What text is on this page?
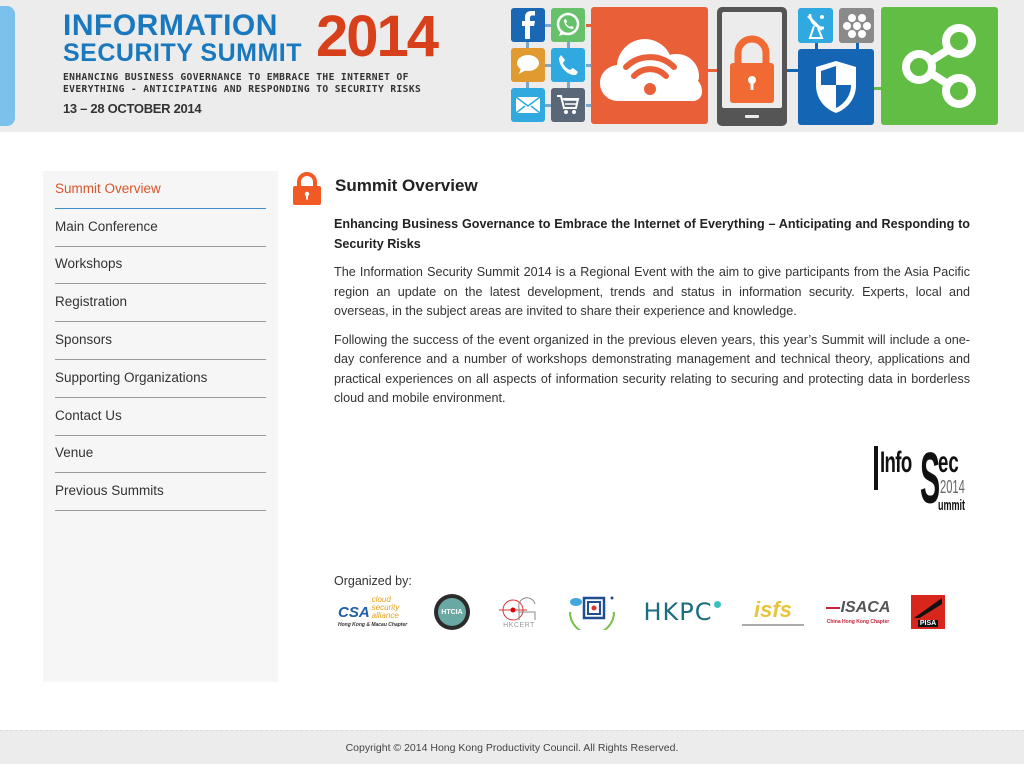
INFORMATION
SECURITY SUMMIT 2014
ENHANCING BUSINESS GOVERNANCE TO EMBRACE THE INTERNET OF
EVERYTHING - ANTICIPATING AND RESPONDING TO SECURITY RISKS
13 – 28 OCTOBER 2014
Summit Overview
Main Conference
Workshops
Registration
Sponsors
Supporting Organizations
Contact Us
Venue
Previous Summits
Summit Overview

Enhancing Business Governance to Embrace the Internet of Everything – Anticipating and Responding to Security Risks

The Information Security Summit 2014 is a Regional Event with the aim to give participants from the Asia Pacific region an update on the latest development, trends and status in information security. Experts, local and overseas, in the subject areas are invited to share their experience and knowledge.

Following the success of the event organized in the previous eleven years, this year’s Summit will include a one-day conference and a number of workshops demonstrating management and technical theory, applications and practical experiences on all aspects of information security relating to securing and protecting data in borderless cloud and mobile environment.

Info S
ec
2014
ummit
Organized by:
CSA
cloud security alliance
Hong Kong & Macau Chapter
HTCIA
HKCERT	HKPC isfs	ISACA
China Hong Kong Chapter	PISA
Copyright © 2014 Hong Kong Productivity Council. All Rights Reserved.
